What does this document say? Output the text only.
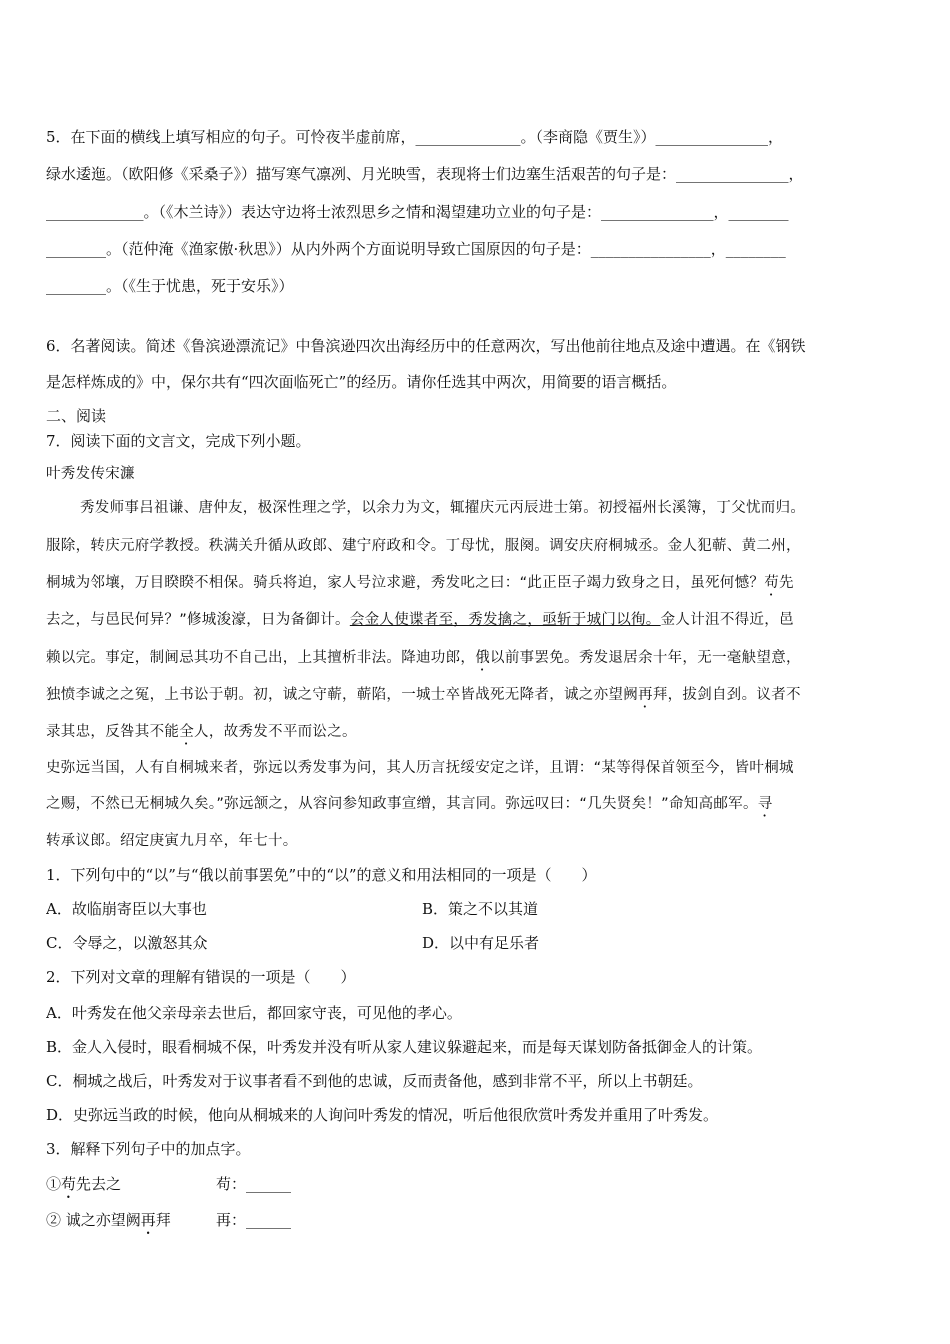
5．在下面的横线上填写相应的句子。可怜夜半虚前席，______________。（李商隐《贾生》）_______________，
绿水逶迤。（欧阳修《采桑子》）描写寒气凛冽、月光映雪，表现将士们边塞生活艰苦的句子是：_______________，
_____________。（《木兰诗》）表达守边将士浓烈思乡之情和渴望建功立业的句子是：_______________，________
________。（范仲淹《渔家傲·秋思》）从内外两个方面说明导致亡国原因的句子是：________________，________
________。（《生于忧患，死于安乐》）
6．名著阅读。简述《鲁滨逊漂流记》中鲁滨逊四次出海经历中的任意两次，写出他前往地点及途中遭遇。在《钢铁
是怎样炼成的》中，保尔共有“四次面临死亡”的经历。请你任选其中两次，用简要的语言概括。
二、阅读
7．阅读下面的文言文，完成下列小题。
叶秀发传宋濂
秀发师事吕祖谦、唐仲友，极深性理之学，以余力为文，辄擢庆元丙辰进士第。初授福州长溪簿，丁父忧而归。
服除，转庆元府学教授。秩满关升循从政郎、建宁府政和令。丁母忧，服阕。调安庆府桐城丞。金人犯蕲、黄二州，
桐城为邻壤，万目睽睽不相保。骑兵将迫，家人号泣求避，秀发叱之曰：“此正臣子竭力致身之日，虽死何憾？苟先
去之，与邑民何异？”修城浚濠，日为备御计。会金人使谍者至，秀发擒之，亟斩于城门以徇。金人计沮不得近，邑
赖以完。事定，制阃忌其功不自己出，上其擅析非法。降迪功郎，俄以前事罢免。秀发退居余十年，无一毫觖望意，
独愤李诚之之冤，上书讼于朝。初，诚之守蕲，蕲陷，一城士卒皆战死无降者，诚之亦望阙再拜，拔剑自刭。议者不
录其忠，反咎其不能全人，故秀发不平而讼之。
史弥远当国，人有自桐城来者，弥远以秀发事为问，其人历言抚绥安定之详，且谓：“某等得保首领至今，皆叶桐城
之赐，不然已无桐城久矣。”弥远颔之，从容问参知政事宣缯，其言同。弥远叹曰：“几失贤矣！”命知高邮军。寻
转承议郎。绍定庚寅九月卒，年七十。
1．下列句中的“以”与“俄以前事罢免”中的“以”的意义和用法相同的一项是（　　）
A．故临崩寄臣以大事也	B．策之不以其道
C．令辱之，以激怒其众	D．以中有足乐者
2．下列对文章的理解有错误的一项是（　　）
A．叶秀发在他父亲母亲去世后，都回家守丧，可见他的孝心。
B．金人入侵时，眼看桐城不保，叶秀发并没有听从家人建议躲避起来，而是每天谋划防备抵御金人的计策。
C．桐城之战后，叶秀发对于议事者看不到他的忠诚，反而责备他，感到非常不平，所以上书朝廷。
D．史弥远当政的时候，他向从桐城来的人询问叶秀发的情况，听后他很欣赏叶秀发并重用了叶秀发。
3．解释下列句子中的加点字。
①苟先去之	苟：______
② 诚之亦望阙再拜	再：______
